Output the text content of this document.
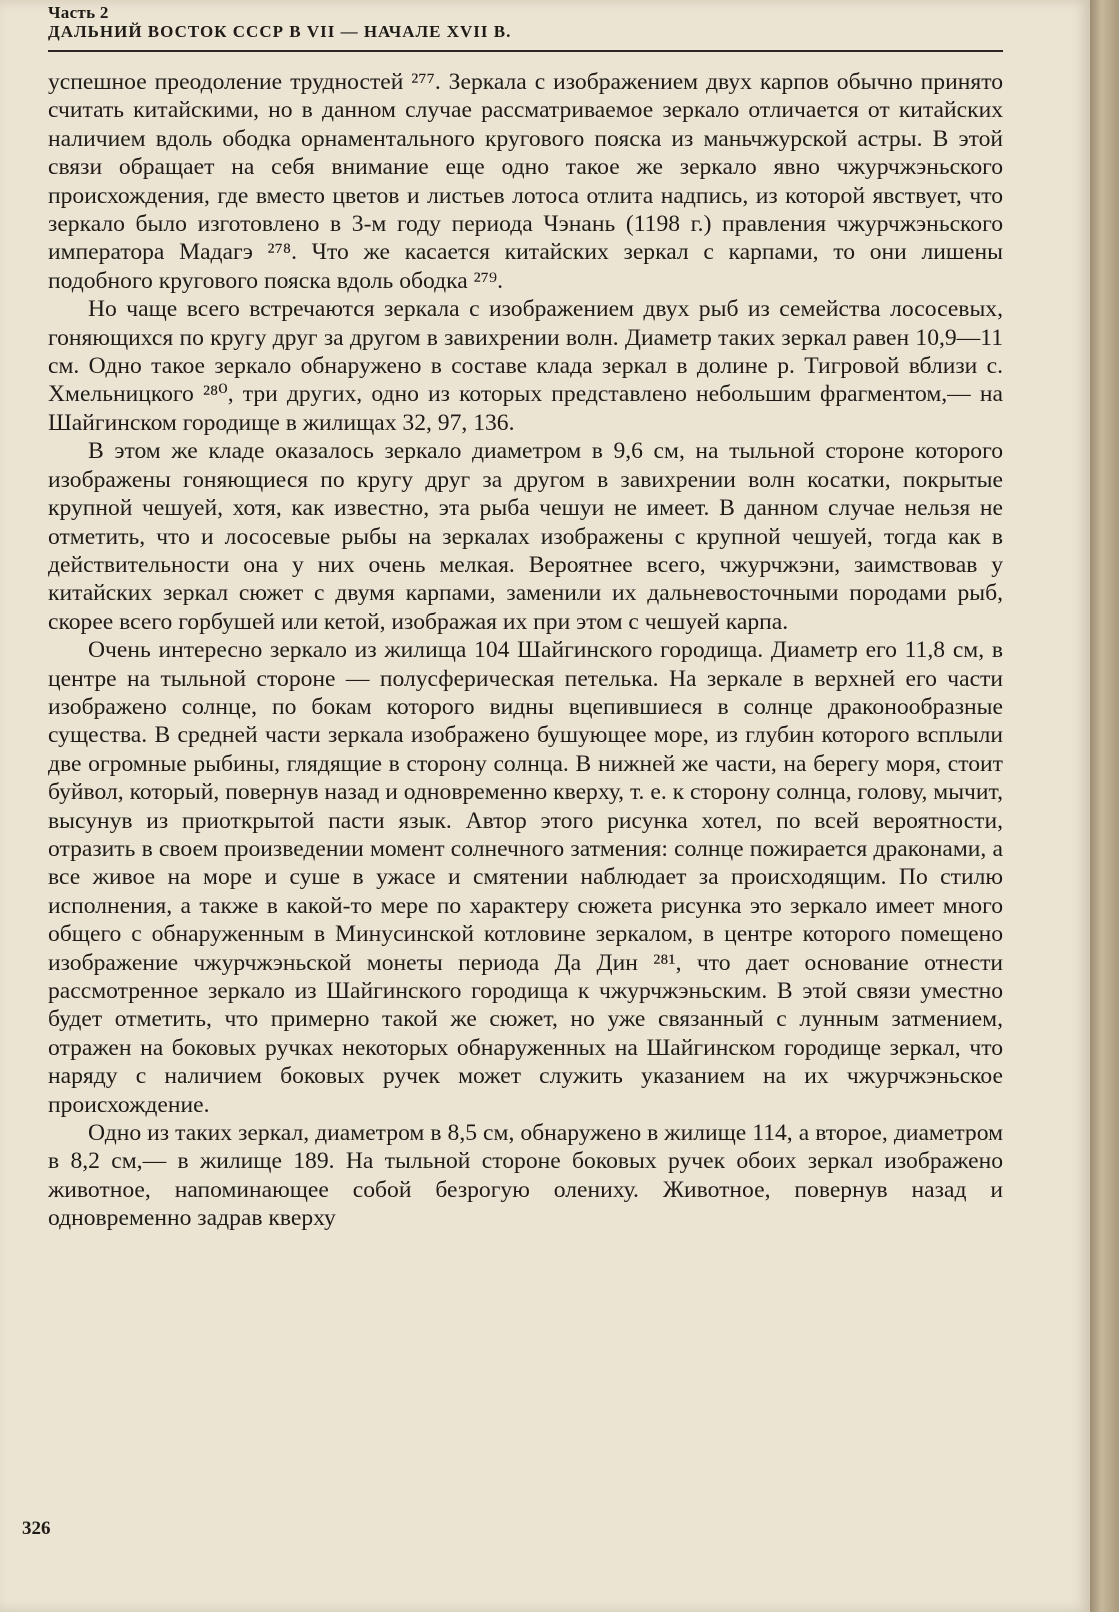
Часть 2
ДАЛЬНИЙ ВОСТОК СССР В VII — НАЧАЛЕ XVII В.

успешное преодоление трудностей ²⁷⁷. Зеркала с изображением двух карпов обычно принято считать китайскими, но в данном случае рассматриваемое зеркало отличается от китайских наличием вдоль ободка орнаментального кругового пояска из маньчжурской астры. В этой связи обращает на себя внимание еще одно такое же зеркало явно чжурчжэньского происхождения, где вместо цветов и листьев лотоса отлита надпись, из которой явствует, что зеркало было изготовлено в 3-м году периода Чэнань (1198 г.) правления чжурчжэньского императора Мадагэ ²⁷⁸. Что же касается китайских зеркал с карпами, то они лишены подобного кругового пояска вдоль ободка ²⁷⁹.

Но чаще всего встречаются зеркала с изображением двух рыб из семейства лососевых, гоняющихся по кругу друг за другом в завихрении волн. Диаметр таких зеркал равен 10,9—11 см. Одно такое зеркало обнаружено в составе клада зеркал в долине р. Тигровой вблизи с. Хмельницкого ²⁸⁰, три других, одно из которых представлено небольшим фрагментом,— на Шайгинском городище в жилищах 32, 97, 136.

В этом же кладе оказалось зеркало диаметром в 9,6 см, на тыльной стороне которого изображены гоняющиеся по кругу друг за другом в завихрении волн косатки, покрытые крупной чешуей, хотя, как известно, эта рыба чешуи не имеет. В данном случае нельзя не отметить, что и лососевые рыбы на зеркалах изображены с крупной чешуей, тогда как в действительности она у них очень мелкая. Вероятнее всего, чжурчжэни, заимствовав у китайских зеркал сюжет с двумя карпами, заменили их дальневосточными породами рыб, скорее всего горбушей или кетой, изображая их при этом с чешуей карпа.

Очень интересно зеркало из жилища 104 Шайгинского городища. Диаметр его 11,8 см, в центре на тыльной стороне — полусферическая петелька. На зеркале в верхней его части изображено солнце, по бокам которого видны вцепившиеся в солнце драконообразные существа. В средней части зеркала изображено бушующее море, из глубин которого всплыли две огромные рыбины, глядящие в сторону солнца. В нижней же части, на берегу моря, стоит буйвол, который, повернув назад и одновременно кверху, т. е. к сторону солнца, голову, мычит, высунув из приоткрытой пасти язык. Автор этого рисунка хотел, по всей вероятности, отразить в своем произведении момент солнечного затмения: солнце пожирается драконами, а все живое на море и суше в ужасе и смятении наблюдает за происходящим. По стилю исполнения, а также в какой-то мере по характеру сюжета рисунка это зеркало имеет много общего с обнаруженным в Минусинской котловине зеркалом, в центре которого помещено изображение чжурчжэньской монеты периода Да Дин ²⁸¹, что дает основание отнести рассмотренное зеркало из Шайгинского городища к чжурчжэньским. В этой связи уместно будет отметить, что примерно такой же сюжет, но уже связанный с лунным затмением, отражен на боковых ручках некоторых обнаруженных на Шайгинском городище зеркал, что наряду с наличием боковых ручек может служить указанием на их чжурчжэньское происхождение.

Одно из таких зеркал, диаметром в 8,5 см, обнаружено в жилище 114, а второе, диаметром в 8,2 см,— в жилище 189. На тыльной стороне боковых ручек обоих зеркал изображено животное, напоминающее собой безрогую олениху. Животное, повернув назад и одновременно задрав кверху

326
